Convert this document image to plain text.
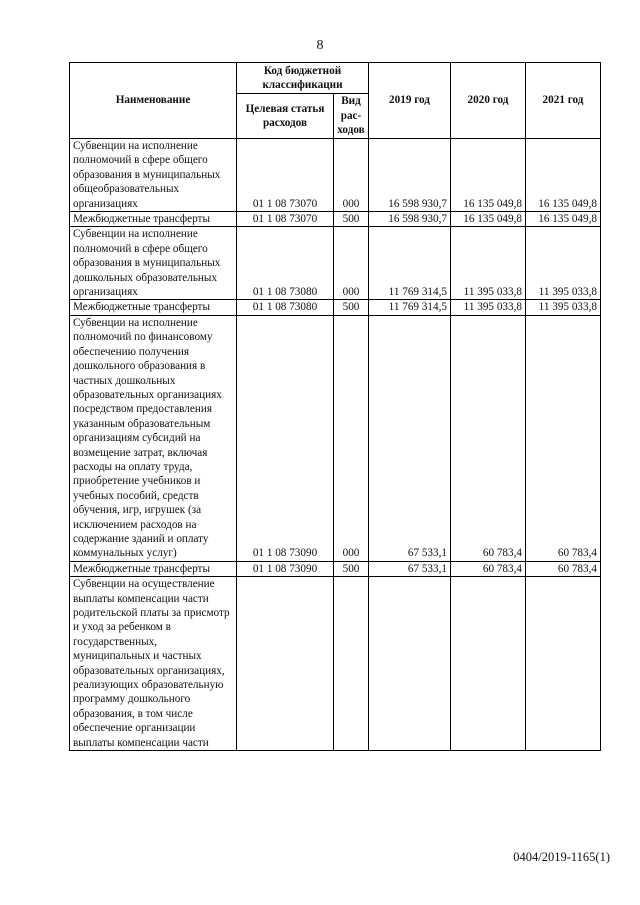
8
Наименование	Код бюджетной классификации		2019 год	2020 год	2021 год
	Целевая статья расходов	Вид рас-ходов			
Субвенции на исполнение полномочий в сфере общего образования в муниципальных общеобразовательных организациях	01 1 08 73070	000	16 598 930,7	16 135 049,8	16 135 049,8
Межбюджетные трансферты	01 1 08 73070	500	16 598 930,7	16 135 049,8	16 135 049,8
Субвенции на исполнение полномочий в сфере общего образования в муниципальных дошкольных образовательных организациях	01 1 08 73080	000	11 769 314,5	11 395 033,8	11 395 033,8
Межбюджетные трансферты	01 1 08 73080	500	11 769 314,5	11 395 033,8	11 395 033,8
Субвенции на исполнение полномочий по финансовому обеспечению получения дошкольного образования в частных дошкольных образовательных организациях посредством предоставления указанным образовательным организациям субсидий на возмещение затрат, включая расходы на оплату труда, приобретение учебников и учебных пособий, средств обучения, игр, игрушек (за исключением расходов на содержание зданий и оплату коммунальных услуг)	01 1 08 73090	000	67 533,1	60 783,4	60 783,4
Межбюджетные трансферты	01 1 08 73090	500	67 533,1	60 783,4	60 783,4
Субвенции на осуществление выплаты компенсации части родительской платы за присмотр и уход за ребенком в государственных, муниципальных и частных образовательных организациях, реализующих образовательную программу дошкольного образования, в том числе обеспечение организации выплаты компенсации части					
0404/2019-1165(1)
